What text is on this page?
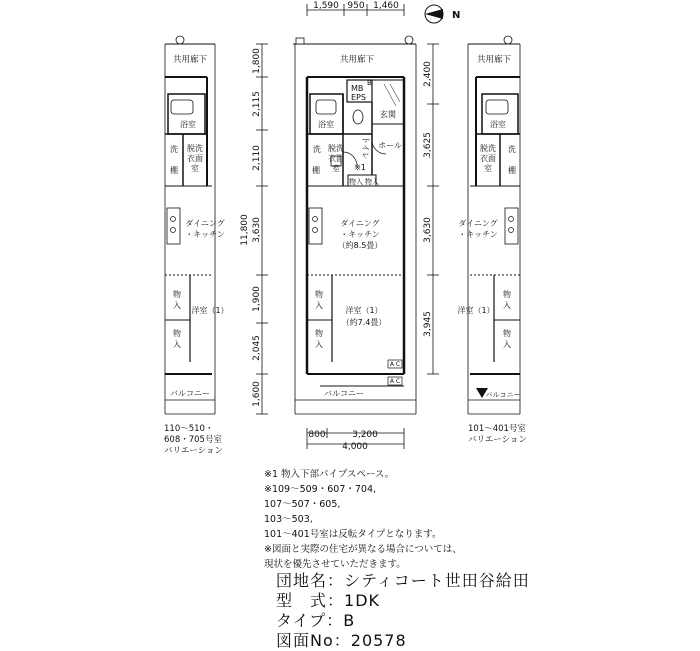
1,590 950 1,460
N
1,800
2,115
2,110
3,630
1,900
2,045
1,600
11,800
2,400
3,625
3,630
3,945
800	3,200
4,000
共用廊下
MB
EPS
B
玄関
ホール
トイレ
※1
物入 物入
浴室
洗 脱洗
衣面
室
棚
ダイニング
・キッチン
（約8.5畳）
洋室（1）
（約7.4畳）
物
入
物
入
A C
A C
バルコニー
共用廊下
浴室
洗 脱洗
衣面
室
棚
ダイニング
・キッチン
洋室（1）
物
入
物
入
バルコニー
110～510・
608・705号室
バリエーション
共用廊下
浴室
洗
脱洗
衣面
室 棚
ダイニング
・キッチン
洋室（1）
物
入
物
入
バルコニー
101～401号室
バリエーション
※1 物入下部パイプスペース。
※109～509・607・704,
107～507・605,
103～503,
101～401号室は反転タイプとなります。
※図面と実際の住宅が異なる場合については、
現状を優先させていただきます。
団地名：シティコート世田谷給田
型　式：1DK
タイプ：B
図面No：20578
